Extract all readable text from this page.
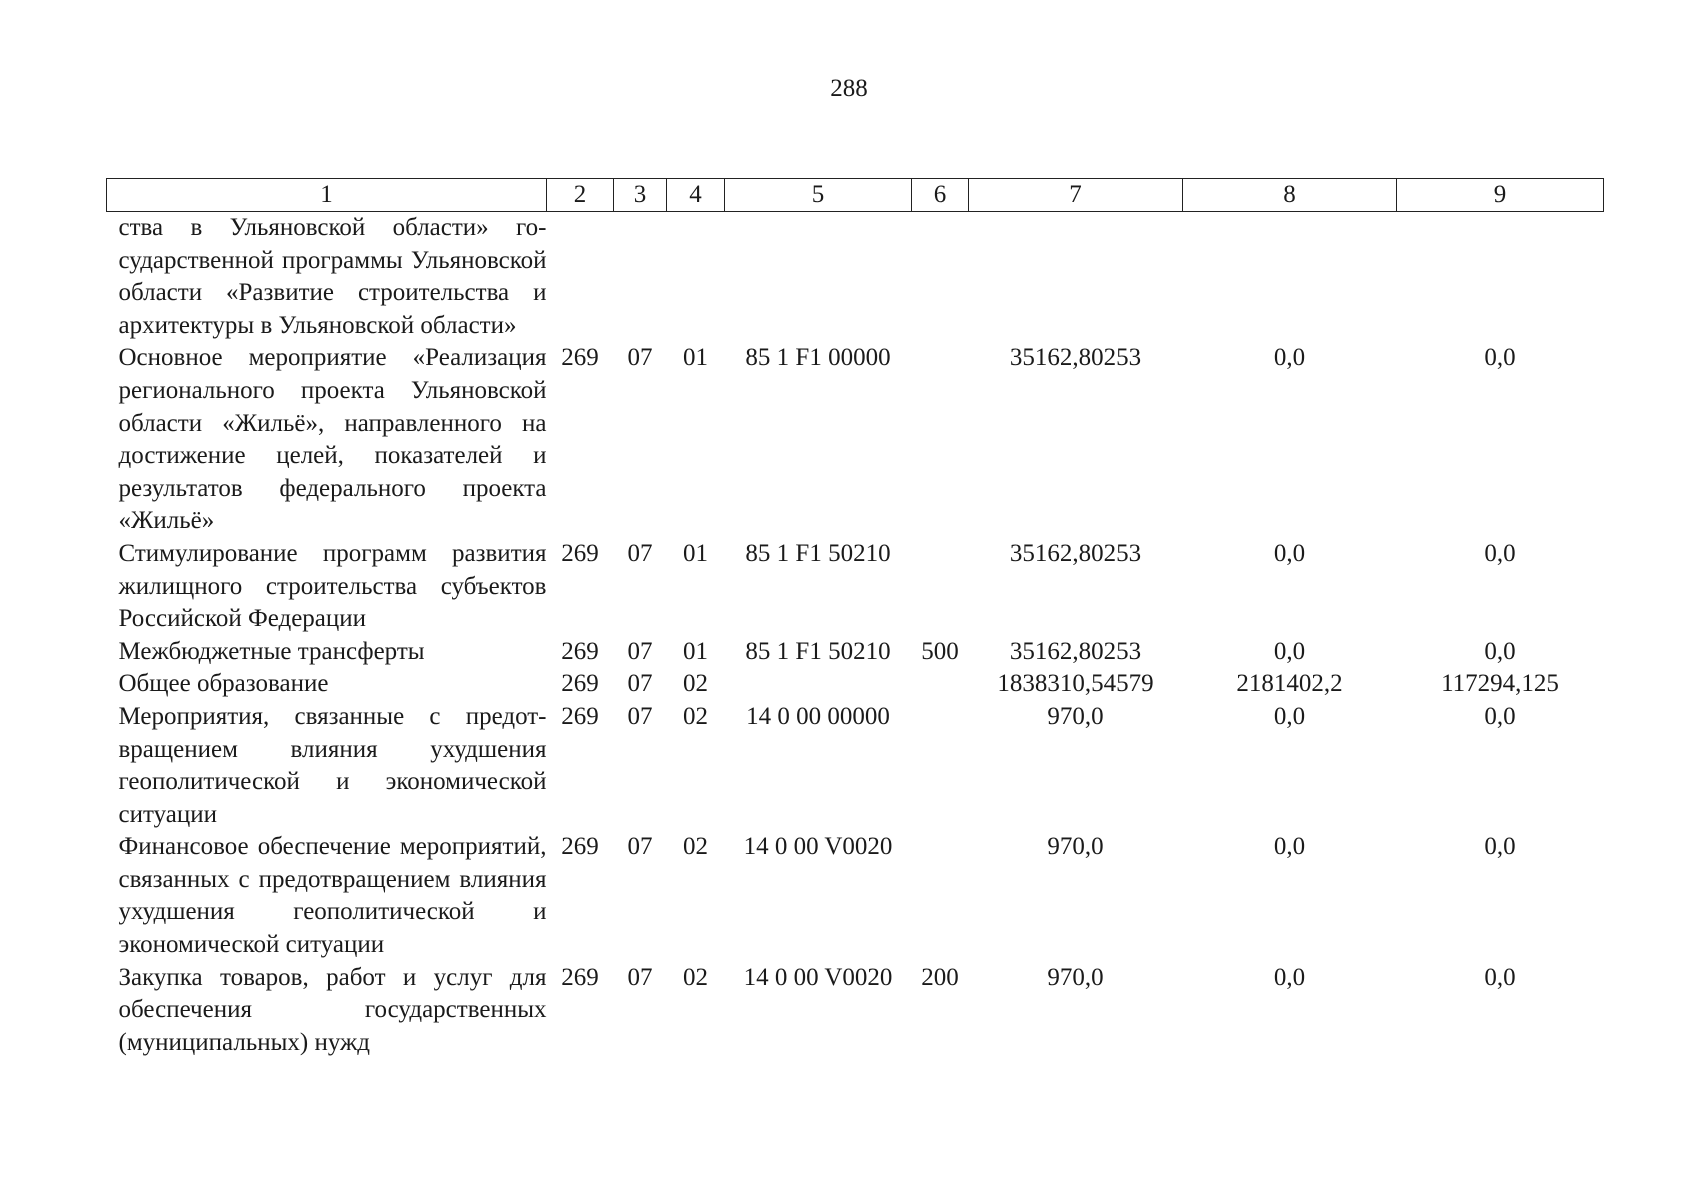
288
1	2	3	4	5	6	7	8	9
ства в Ульяновской области» государственной программы Ульяновской области «Развитие строительства и архитектуры в Ульяновской области»								
Основное мероприятие «Реализация регионального проекта Ульяновской области «Жильё», направленного на достижение целей, показателей и результатов федерального проекта «Жильё»	269	07	01	85 1 F1 00000		35162,80253	0,0	0,0
Стимулирование программ развития жилищного строительства субъектов Российской Федерации	269	07	01	85 1 F1 50210		35162,80253	0,0	0,0
Межбюджетные трансферты	269	07	01	85 1 F1 50210	500	35162,80253	0,0	0,0
Общее образование	269	07	02			1838310,54579	2181402,2	117294,125
Мероприятия, связанные с предотвращением влияния ухудшения геополитической и экономической ситуации	269	07	02	14 0 00 00000		970,0	0,0	0,0
Финансовое обеспечение мероприятий, связанных с предотвращением влияния ухудшения геополитической и экономической ситуации	269	07	02	14 0 00 V0020		970,0	0,0	0,0
Закупка товаров, работ и услуг для обеспечения государственных (муниципальных) нужд	269	07	02	14 0 00 V0020	200	970,0	0,0	0,0
